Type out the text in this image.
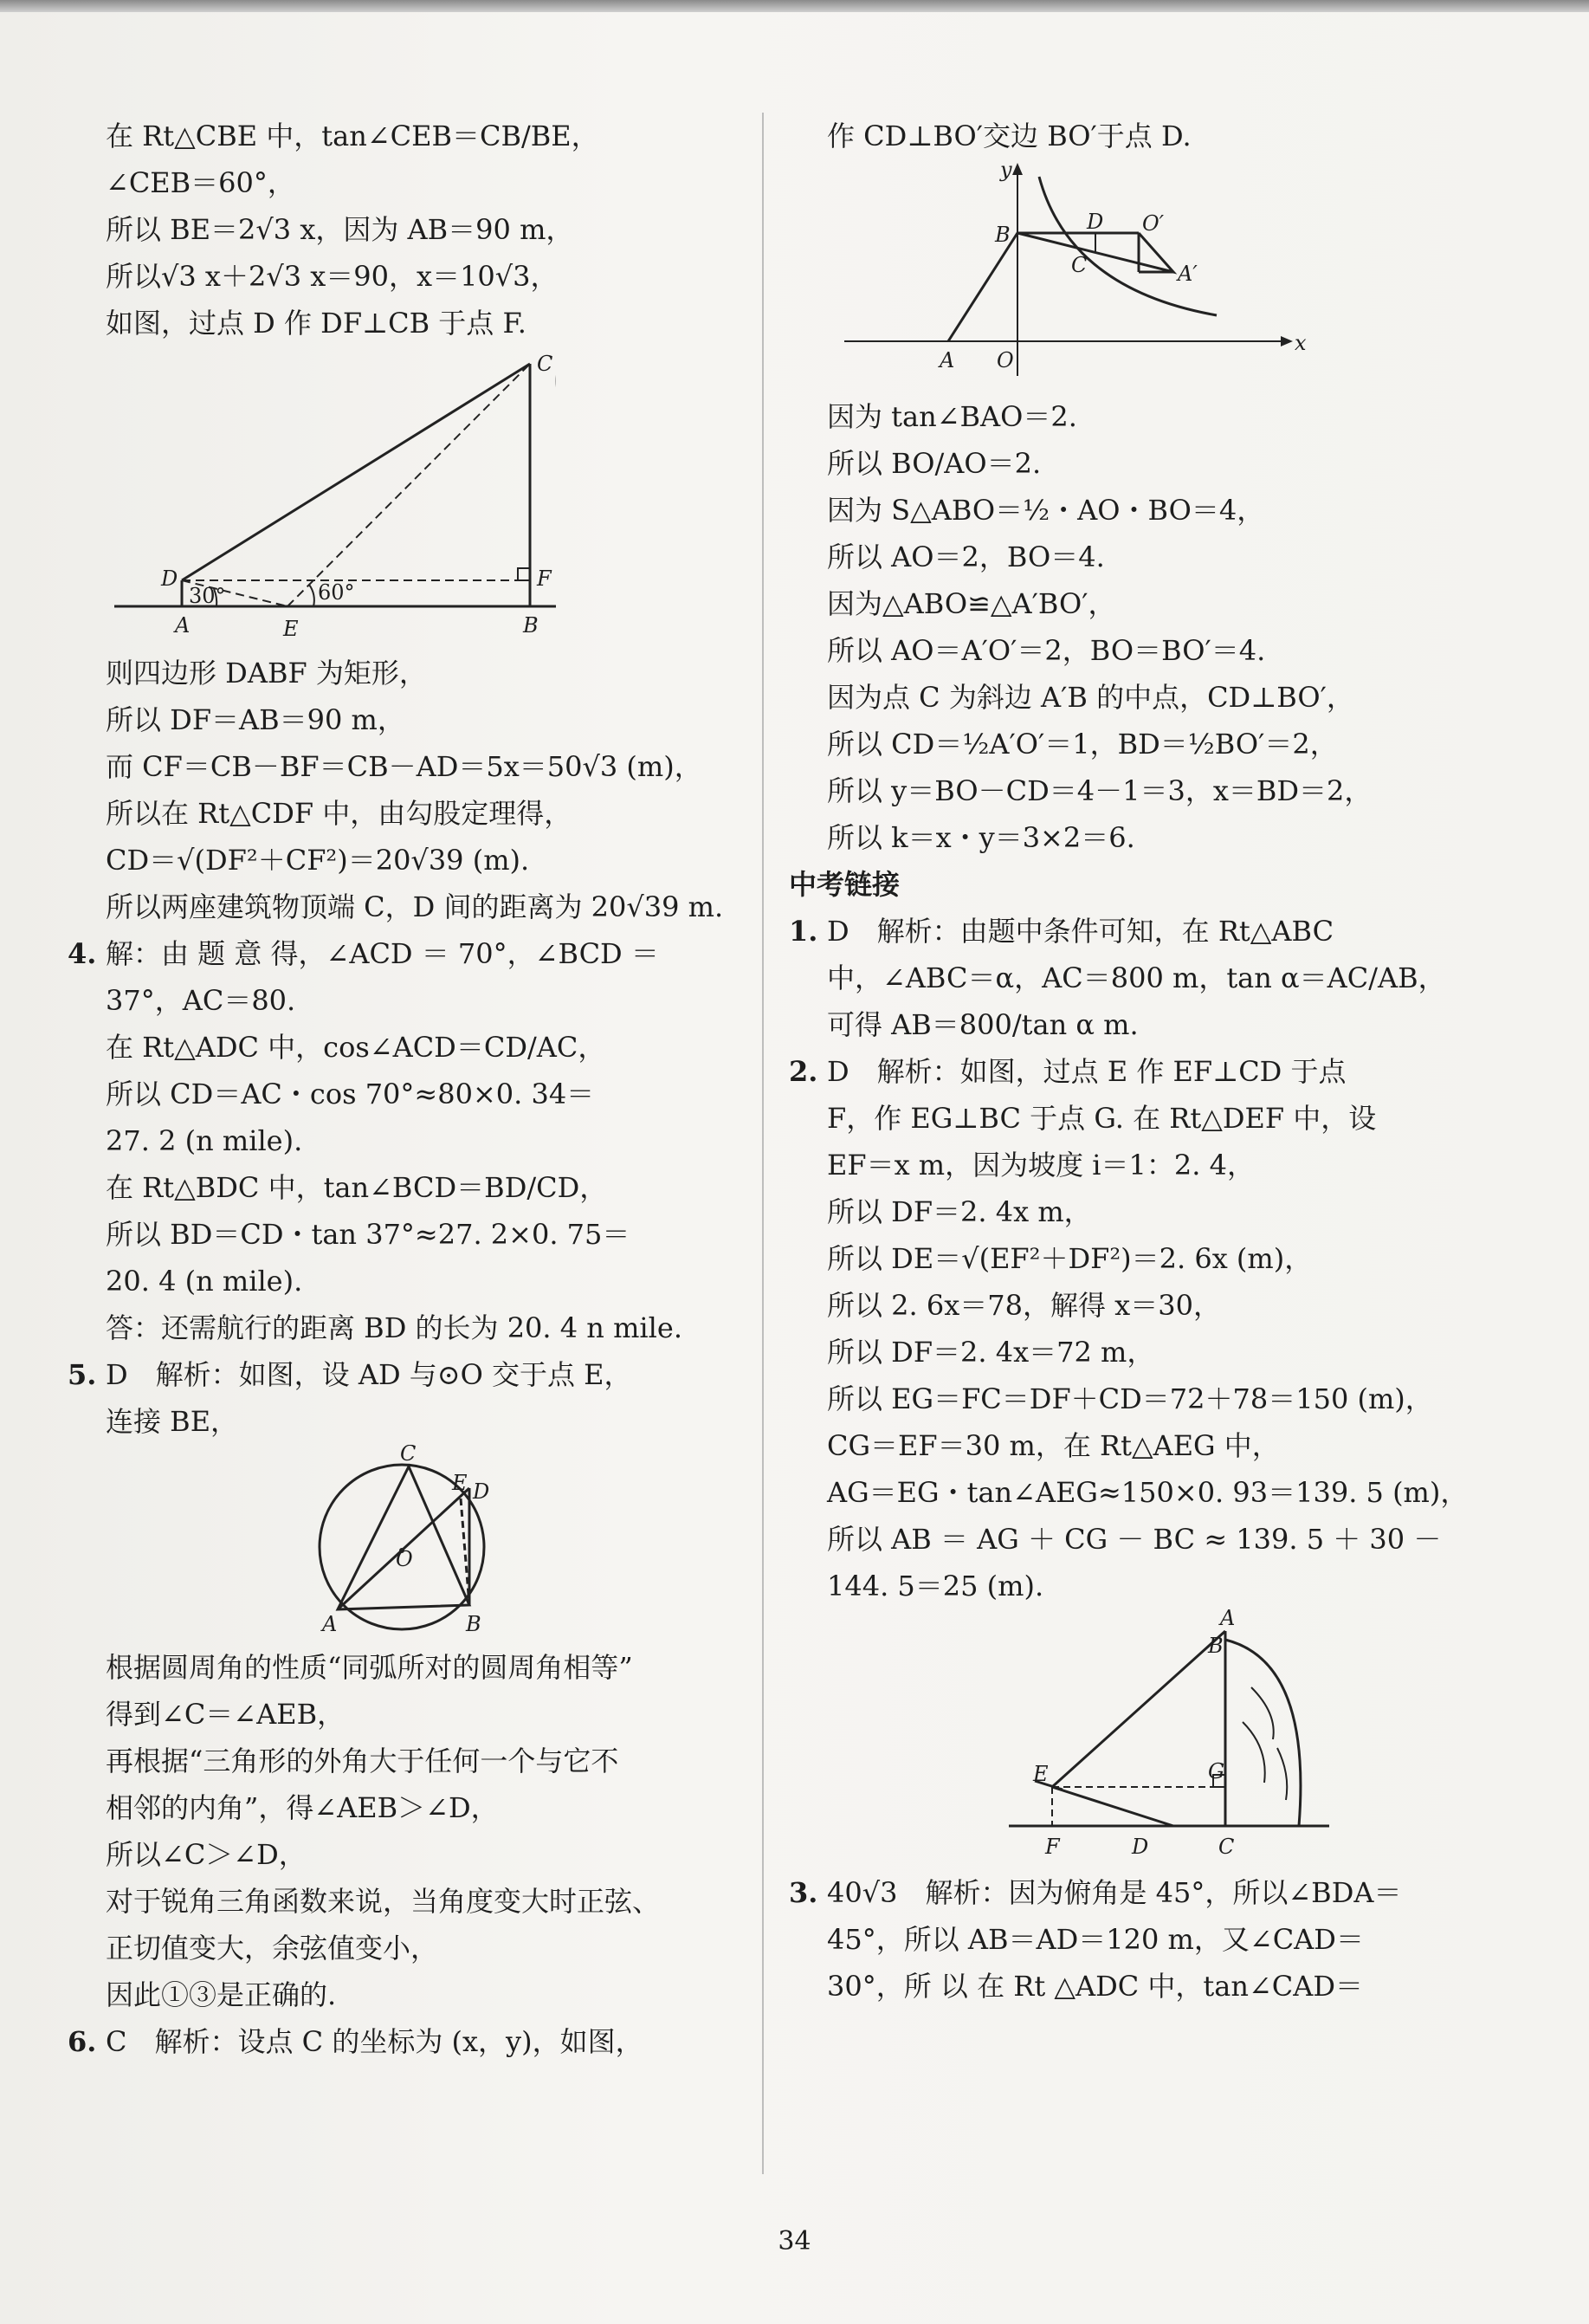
在 Rt△CBE 中，tan∠CEB＝CB/BE，
∠CEB＝60°，
所以 BE＝2√3 x，因为 AB＝90 m，
所以√3 x＋2√3 x＝90，x＝10√3，
如图，过点 D 作 DF⊥CB 于点 F.
C
D	F
A	E	B
30°	60°
则四边形 DABF 为矩形，
所以 DF＝AB＝90 m，
而 CF＝CB－BF＝CB－AD＝5x＝50√3 (m)，
所以在 Rt△CDF 中，由勾股定理得，
CD＝√(DF²＋CF²)＝20√39 (m).
所以两座建筑物顶端 C，D 间的距离为 20√39 m.
4. 解：由 题 意 得，∠ACD ＝ 70°，∠BCD ＝
37°，AC＝80.
在 Rt△ADC 中，cos∠ACD＝CD/AC，
所以 CD＝AC・cos 70°≈80×0. 34＝
27. 2 (n mile).
在 Rt△BDC 中，tan∠BCD＝BD/CD，
所以 BD＝CD・tan 37°≈27. 2×0. 75＝
20. 4 (n mile).
答：还需航行的距离 BD 的长为 20. 4 n mile.
5. D　解析：如图，设 AD 与⊙O 交于点 E，
连接 BE，
C
E D
O
A	B
根据圆周角的性质“同弧所对的圆周角相等”
得到∠C＝∠AEB，
再根据“三角形的外角大于任何一个与它不
相邻的内角”，得∠AEB＞∠D，
所以∠C＞∠D，
对于锐角三角函数来说，当角度变大时正弦、
正切值变大，余弦值变小，
因此①③是正确的.
6. C　解析：设点 C 的坐标为 (x，y)，如图，
作 CD⊥BO′交边 BO′于点 D.
y
x
B
D O′
C	A′
A O
因为 tan∠BAO＝2.
所以 BO/AO＝2.
因为 S△ABO＝½・AO・BO＝4，
所以 AO＝2，BO＝4.
因为△ABO≌△A′BO′，
所以 AO＝A′O′＝2，BO＝BO′＝4.
因为点 C 为斜边 A′B 的中点，CD⊥BO′，
所以 CD＝½A′O′＝1，BD＝½BO′＝2，
所以 y＝BO－CD＝4－1＝3，x＝BD＝2，
所以 k＝x・y＝3×2＝6.
中考链接
1. D　解析：由题中条件可知，在 Rt△ABC
中，∠ABC＝α，AC＝800 m，tan α＝AC/AB，
可得 AB＝800/tan α m.
2. D　解析：如图，过点 E 作 EF⊥CD 于点
F，作 EG⊥BC 于点 G. 在 Rt△DEF 中，设
EF＝x m，因为坡度 i＝1：2. 4，
所以 DF＝2. 4x m，
所以 DE＝√(EF²＋DF²)＝2. 6x (m)，
所以 2. 6x＝78，解得 x＝30，
所以 DF＝2. 4x＝72 m，
所以 EG＝FC＝DF＋CD＝72＋78＝150 (m)，
CG＝EF＝30 m，在 Rt△AEG 中，
AG＝EG・tan∠AEG≈150×0. 93＝139. 5 (m)，
所以 AB ＝ AG ＋ CG － BC ≈ 139. 5 ＋ 30 －
144. 5＝25 (m).
A
B
E	G
F	D	C
3. 40√3　解析：因为俯角是 45°，所以∠BDA＝
45°，所以 AB＝AD＝120 m，又∠CAD＝
30°，所 以 在 Rt △ADC 中，tan∠CAD＝
34
